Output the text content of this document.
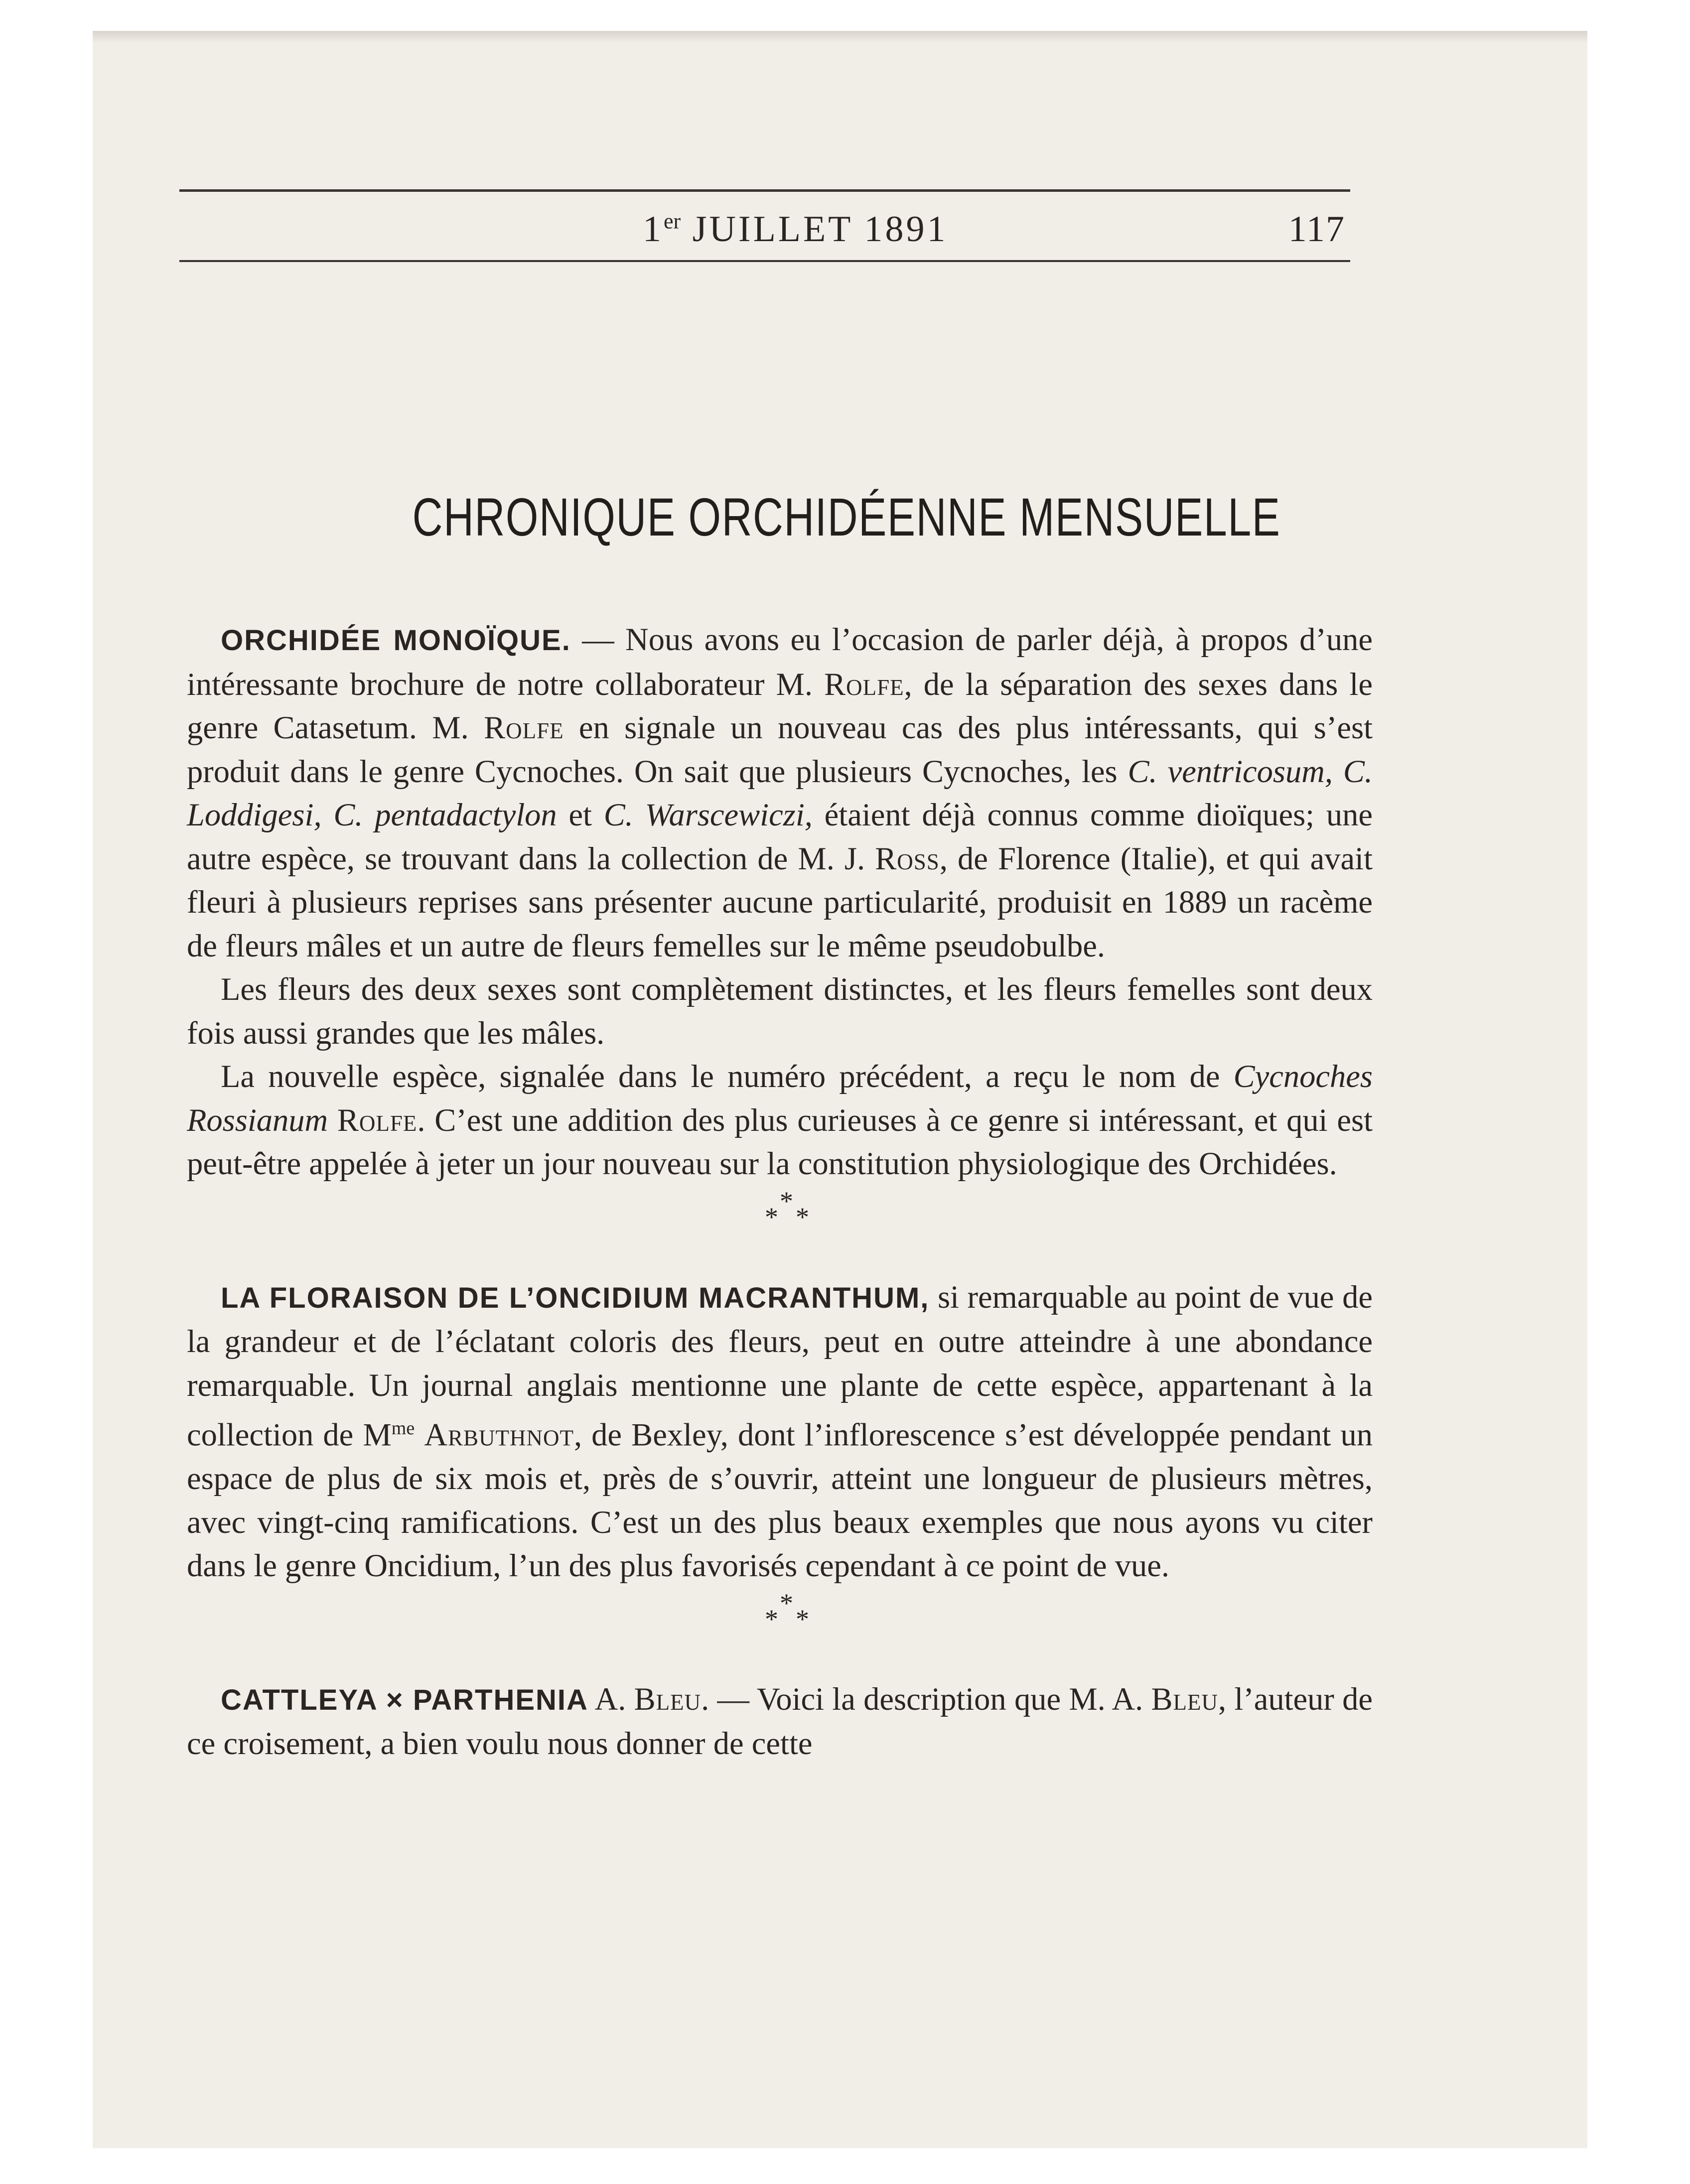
1er JUILLET 1891	117
CHRONIQUE ORCHIDÉENNE MENSUELLE

ORCHIDÉE MONOÏQUE. — Nous avons eu l’occasion de parler déjà, à propos d’une intéressante brochure de notre collaborateur M. Rolfe, de la séparation des sexes dans le genre Catasetum. M. Rolfe en signale un nouveau cas des plus intéressants, qui s’est produit dans le genre Cycnoches. On sait que plusieurs Cycnoches, les C. ventricosum, C. Loddigesi, C. pentadactylon et C. Warscewiczi, étaient déjà connus comme dioïques; une autre espèce, se trouvant dans la collection de M. J. Ross, de Florence (Italie), et qui avait fleuri à plusieurs reprises sans présenter aucune particularité, produisit en 1889 un racème de fleurs mâles et un autre de fleurs femelles sur le même pseudobulbe.

Les fleurs des deux sexes sont complètement distinctes, et les fleurs femelles sont deux fois aussi grandes que les mâles.

La nouvelle espèce, signalée dans le numéro précédent, a reçu le nom de Cycnoches Rossianum Rolfe. C’est une addition des plus curieuses à ce genre si intéressant, et qui est peut-être appelée à jeter un jour nouveau sur la constitution physiologique des Orchidées.

*
* *

LA FLORAISON DE L’ONCIDIUM MACRANTHUM, si remarquable au point de vue de la grandeur et de l’éclatant coloris des fleurs, peut en outre atteindre à une abondance remarquable. Un journal anglais mentionne une plante de cette espèce, appartenant à la collection de $M^{me}$ Arbuthnot, de Bexley, dont l’inflorescence s’est développée pendant un espace de plus de six mois et, près de s’ouvrir, atteint une longueur de plusieurs mètres, avec vingt-cinq ramifications. C’est un des plus beaux exemples que nous ayons vu citer dans le genre Oncidium, l’un des plus favorisés cependant à ce point de vue.

*
* *

CATTLEYA × PARTHENIA A. Bleu. — Voici la description que M. A. Bleu, l’auteur de ce croisement, a bien voulu nous donner de cette
